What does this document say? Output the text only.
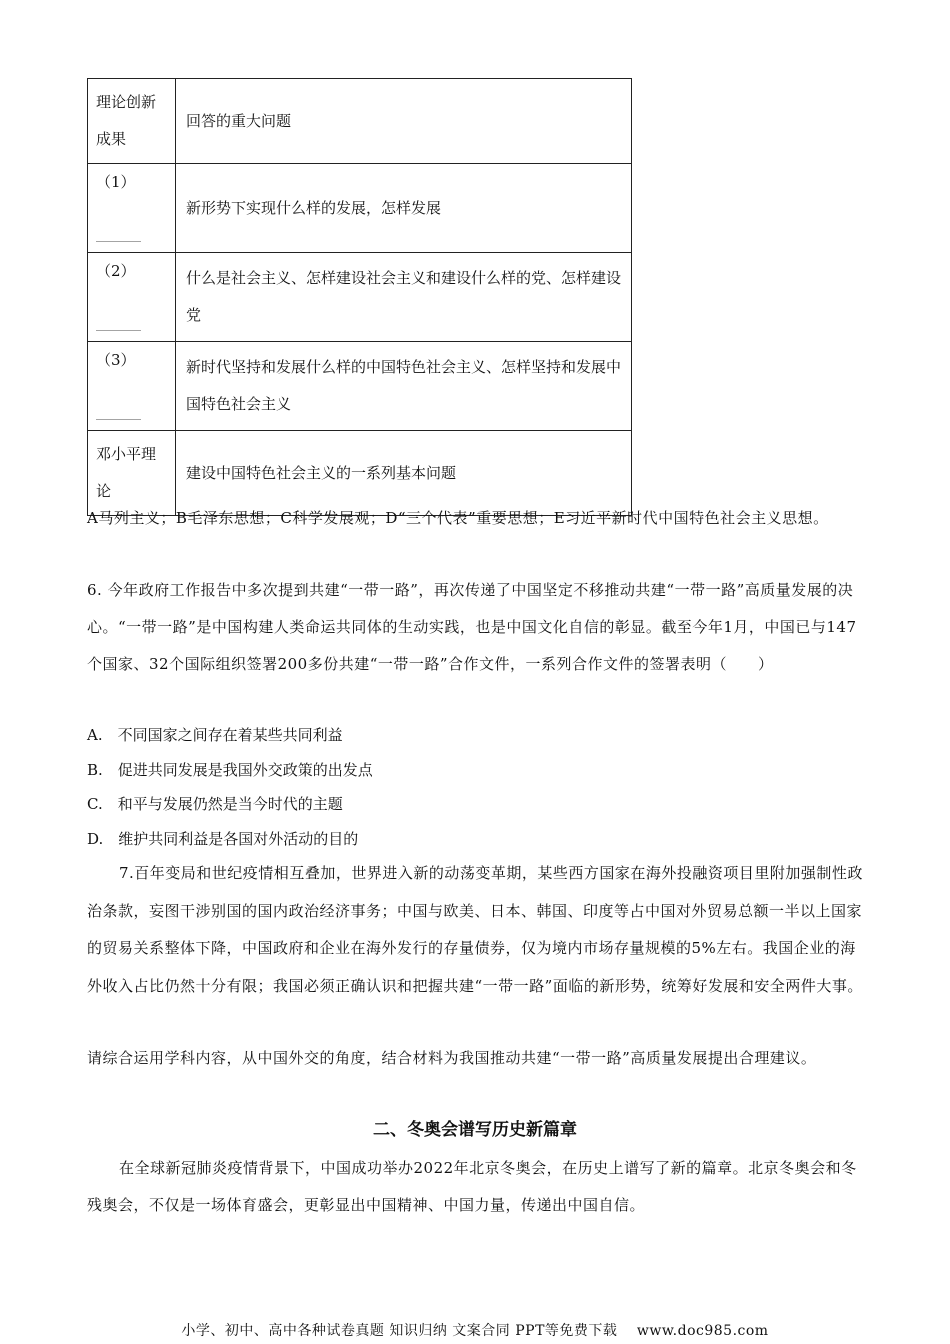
理论创新成果	回答的重大问题

（1）
______	新形势下实现什么样的发展，怎样发展

（2）
______	什么是社会主义、怎样建设社会主义和建设什么样的党、怎样建设党

（3）
______	新时代坚持和发展什么样的中国特色社会主义、怎样坚持和发展中国特色社会主义
邓小平理论	建设中国特色社会主义的一系列基本问题
A马列主义；B毛泽东思想；C科学发展观；D“三个代表”重要思想；E习近平新时代中国特色社会主义思想。
6. 今年政府工作报告中多次提到共建“一带一路”，再次传递了中国坚定不移推动共建“一带一路”高质量发展的决心。“一带一路”是中国构建人类命运共同体的生动实践，也是中国文化自信的彰显。截至今年1月，中国已与147个国家、32个国际组织签署200多份共建“一带一路”合作文件，一系列合作文件的签署表明（　　）
A.　不同国家之间存在着某些共同利益
B.　促进共同发展是我国外交政策的出发点
C.　和平与发展仍然是当今时代的主题
D.　维护共同利益是各国对外活动的目的
7.百年变局和世纪疫情相互叠加，世界进入新的动荡变革期，某些西方国家在海外投融资项目里附加强制性政治条款，妄图干涉别国的国内政治经济事务；中国与欧美、日本、韩国、印度等占中国对外贸易总额一半以上国家的贸易关系整体下降，中国政府和企业在海外发行的存量债券，仅为境内市场存量规模的5%左右。我国企业的海外收入占比仍然十分有限；我国必须正确认识和把握共建“一带一路”面临的新形势，统筹好发展和安全两件大事。
请综合运用学科内容，从中国外交的角度，结合材料为我国推动共建“一带一路”高质量发展提出合理建议。
二、冬奥会谱写历史新篇章
在全球新冠肺炎疫情背景下，中国成功举办2022年北京冬奥会，在历史上谱写了新的篇章。北京冬奥会和冬残奥会，不仅是一场体育盛会，更彰显出中国精神、中国力量，传递出中国自信。
小学、初中、高中各种试卷真题 知识归纳 文案合同 PPT等免费下载　 www.doc985.com
